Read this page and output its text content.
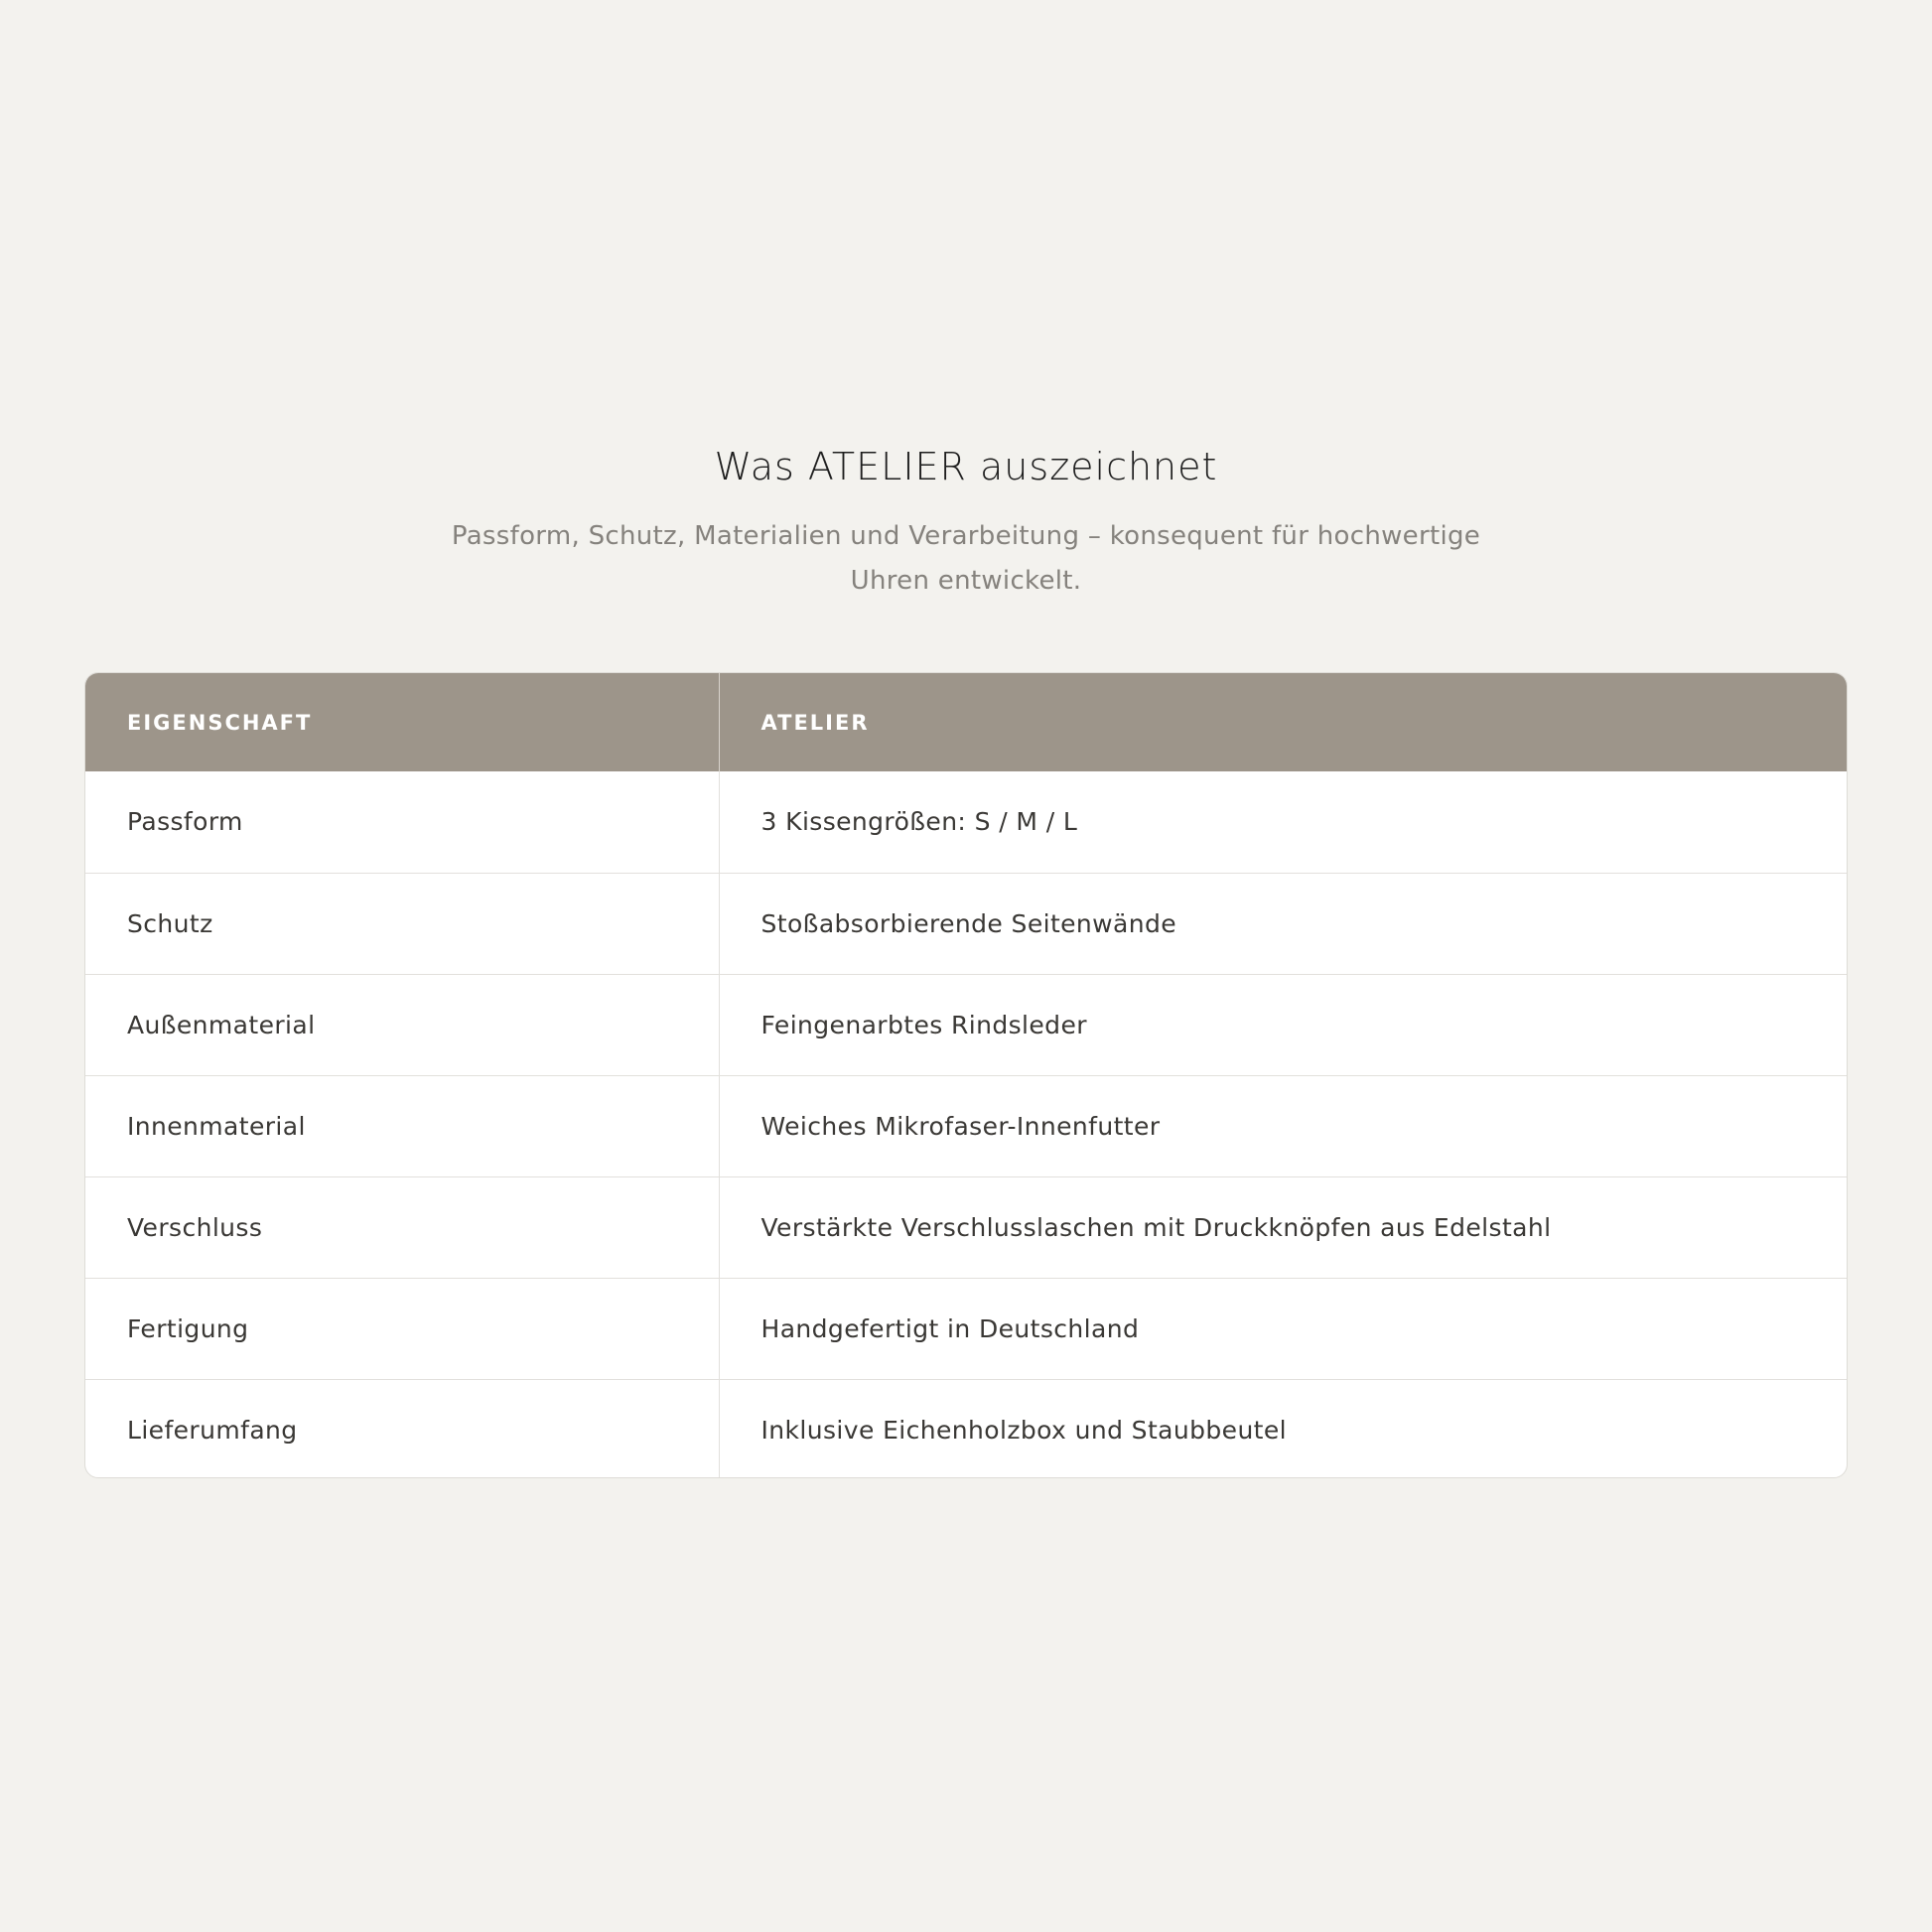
Was ATELIER auszeichnet

Passform, Schutz, Materialien und Verarbeitung – konsequent für hochwertige Uhren entwickelt.

EIGENSCHAFT	ATELIER
Passform	3 Kissengrößen: S / M / L
Schutz	Stoßabsorbierende Seitenwände
Außenmaterial	Feingenarbtes Rindsleder
Innenmaterial	Weiches Mikrofaser-Innenfutter
Verschluss	Verstärkte Verschlusslaschen mit Druckknöpfen aus Edelstahl
Fertigung	Handgefertigt in Deutschland
Lieferumfang	Inklusive Eichenholzbox und Staubbeutel
